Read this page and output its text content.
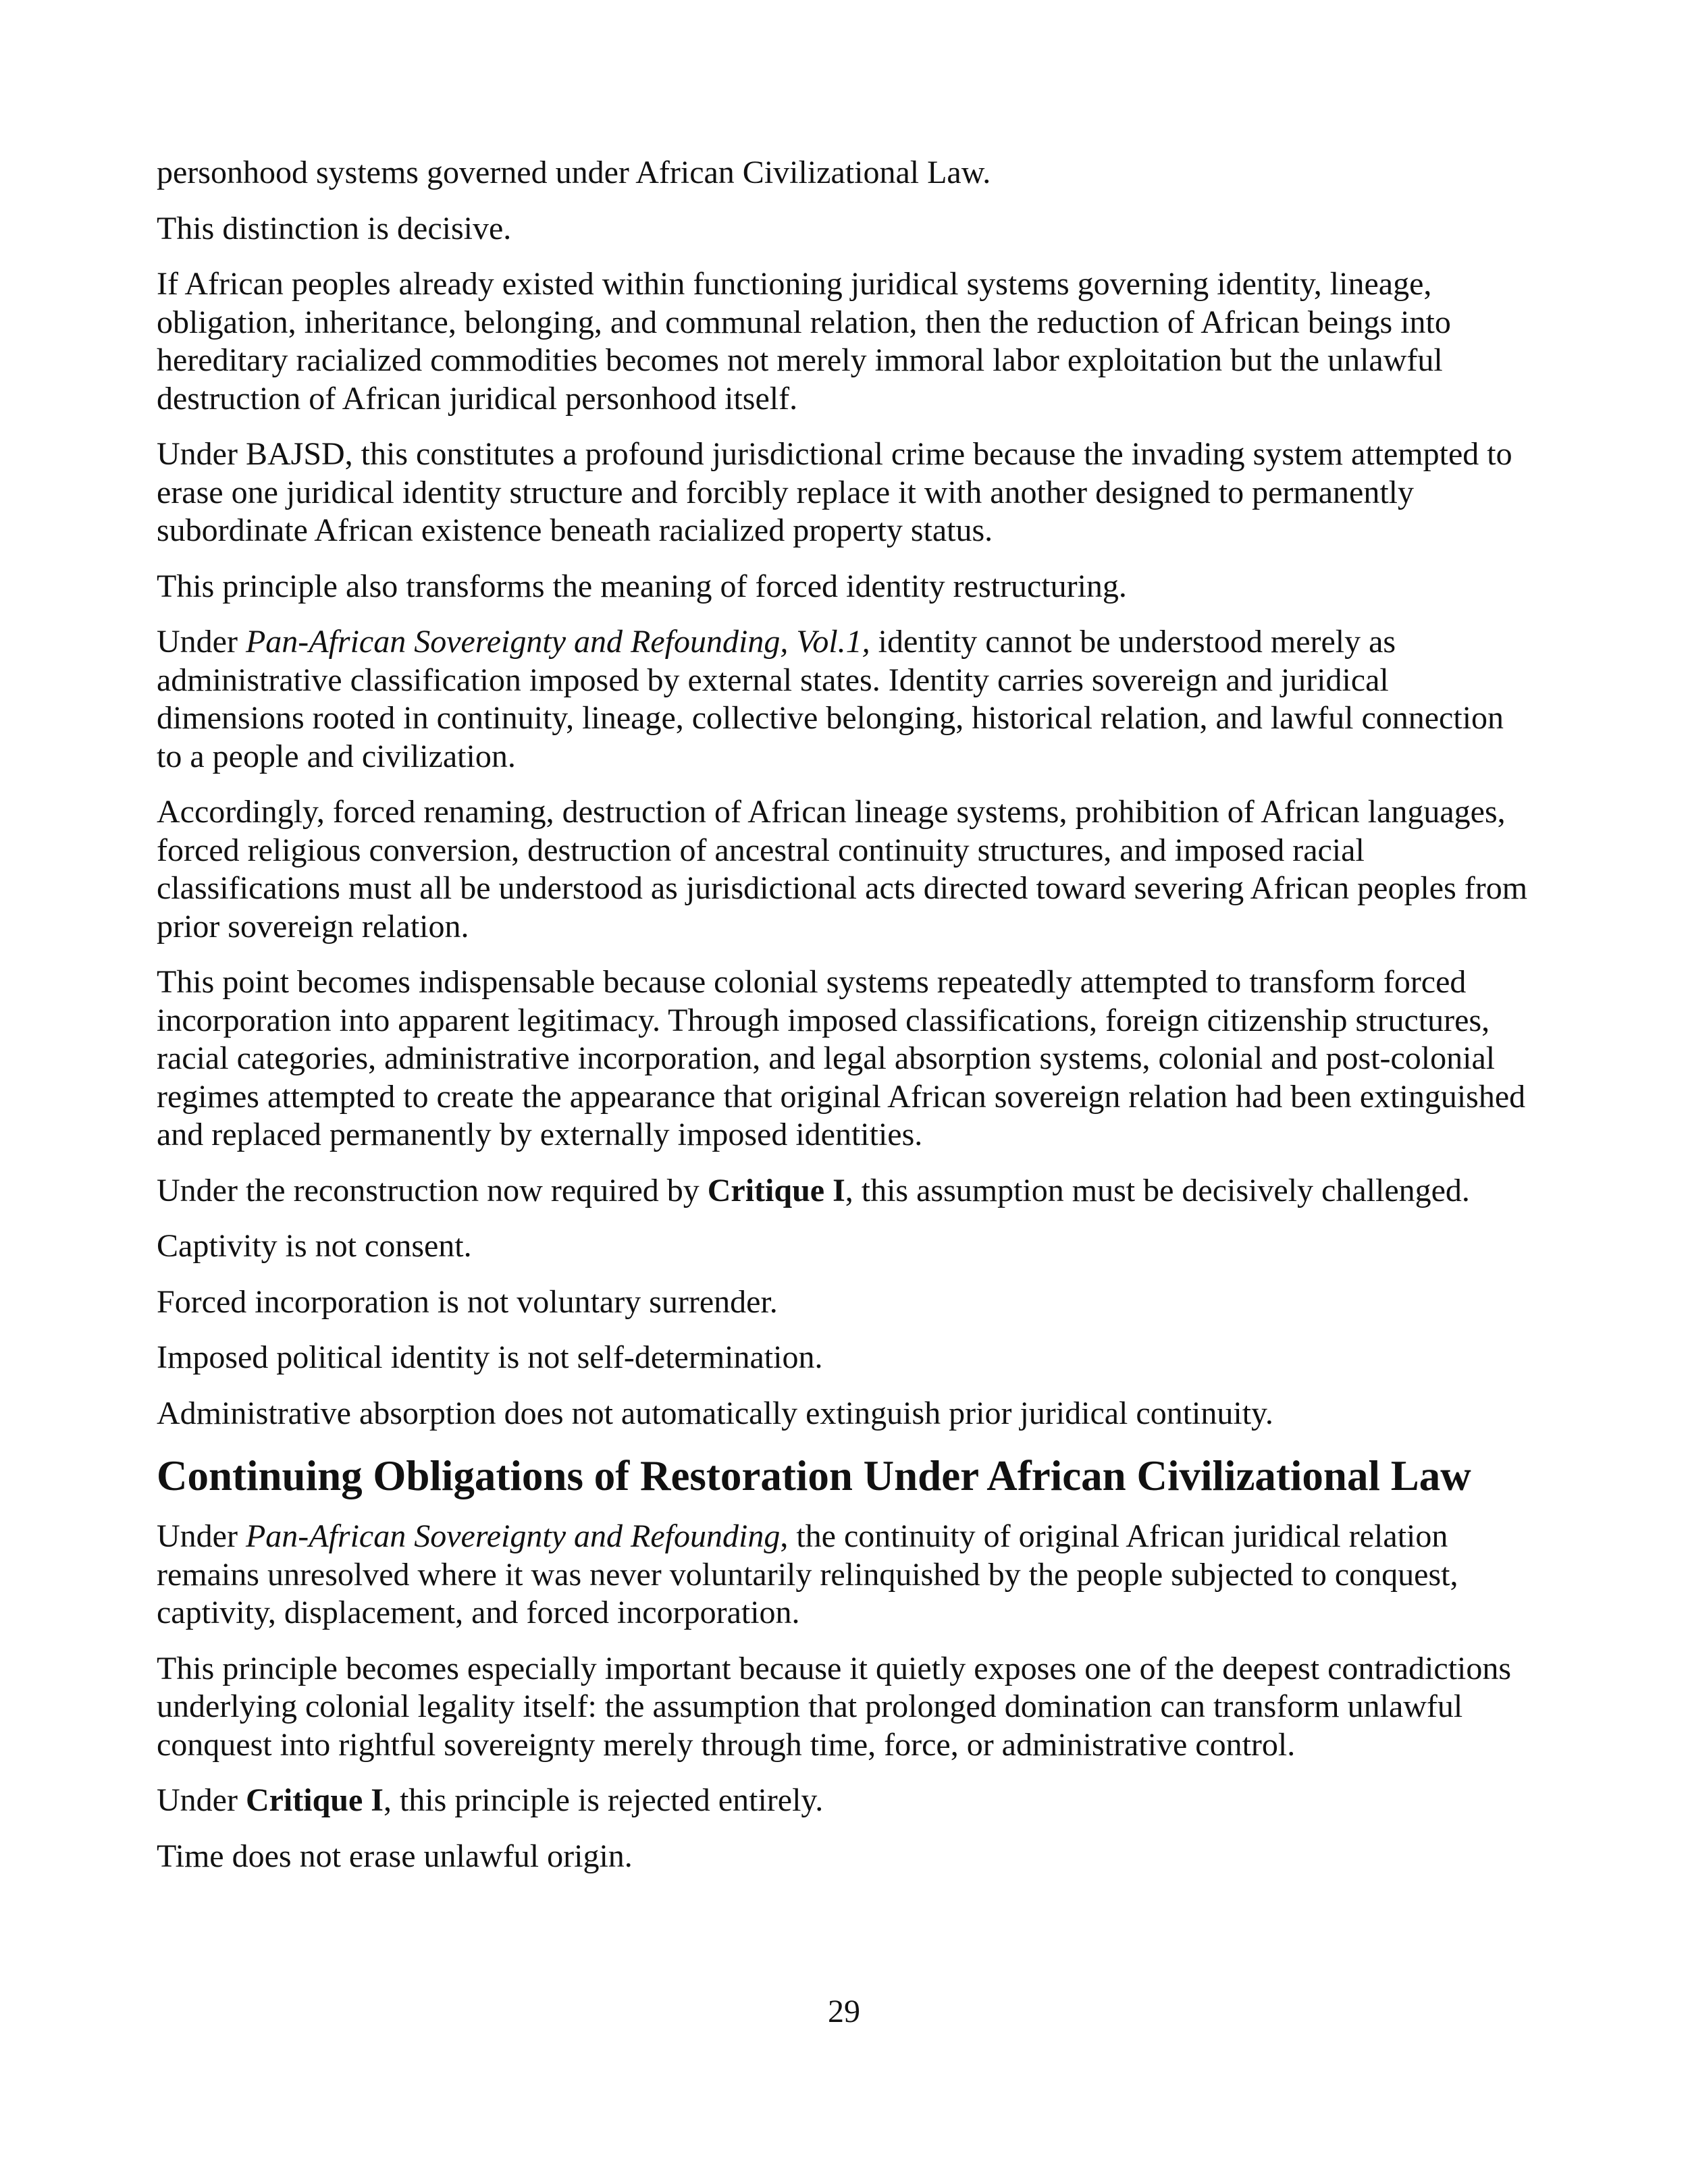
personhood systems governed under African Civilizational Law.

This distinction is decisive.

If African peoples already existed within functioning juridical systems governing identity, lineage, obligation, inheritance, belonging, and communal relation, then the reduction of African beings into hereditary racialized commodities becomes not merely immoral labor exploitation but the unlawful destruction of African juridical personhood itself.

Under BAJSD, this constitutes a profound jurisdictional crime because the invading system attempted to erase one juridical identity structure and forcibly replace it with another designed to permanently subordinate African existence beneath racialized property status.

This principle also transforms the meaning of forced identity restructuring.

Under Pan-African Sovereignty and Refounding, Vol.1, identity cannot be understood merely as administrative classification imposed by external states. Identity carries sovereign and juridical dimensions rooted in continuity, lineage, collective belonging, historical relation, and lawful connection to a people and civilization.

Accordingly, forced renaming, destruction of African lineage systems, prohibition of African languages, forced religious conversion, destruction of ancestral continuity structures, and imposed racial classifications must all be understood as jurisdictional acts directed toward severing African peoples from prior sovereign relation.

This point becomes indispensable because colonial systems repeatedly attempted to transform forced incorporation into apparent legitimacy. Through imposed classifications, foreign citizenship structures, racial categories, administrative incorporation, and legal absorption systems, colonial and post-colonial regimes attempted to create the appearance that original African sovereign relation had been extinguished and replaced permanently by externally imposed identities.

Under the reconstruction now required by Critique I, this assumption must be decisively challenged.

Captivity is not consent.

Forced incorporation is not voluntary surrender.

Imposed political identity is not self-determination.

Administrative absorption does not automatically extinguish prior juridical continuity.

Continuing Obligations of Restoration Under African Civilizational Law

Under Pan-African Sovereignty and Refounding, the continuity of original African juridical relation remains unresolved where it was never voluntarily relinquished by the people subjected to conquest, captivity, displacement, and forced incorporation.

This principle becomes especially important because it quietly exposes one of the deepest contradictions underlying colonial legality itself: the assumption that prolonged domination can transform unlawful conquest into rightful sovereignty merely through time, force, or administrative control.

Under Critique I, this principle is rejected entirely.

Time does not erase unlawful origin.

29
